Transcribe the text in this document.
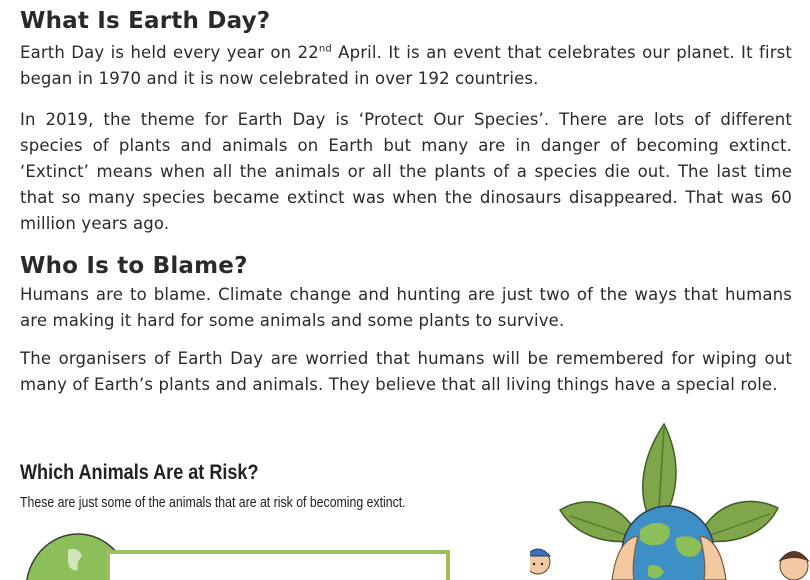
What Is Earth Day?

Earth Day is held every year on 22nd April. It is an event that celebrates our planet. It first began in 1970 and it is now celebrated in over 192 countries.

In 2019, the theme for Earth Day is ‘Protect Our Species’. There are lots of different species of plants and animals on Earth but many are in danger of becoming extinct. ‘Extinct’ means when all the animals or all the plants of a species die out. The last time that so many species became extinct was when the dinosaurs disappeared. That was 60 million years ago.

Who Is to Blame?

Humans are to blame. Climate change and hunting are just two of the ways that humans are making it hard for some animals and some plants to survive.

The organisers of Earth Day are worried that humans will be remembered for wiping out many of Earth’s plants and animals. They believe that all living things have a special role.

Which Animals Are at Risk?

These are just some of the animals that are at risk of becoming extinct.
